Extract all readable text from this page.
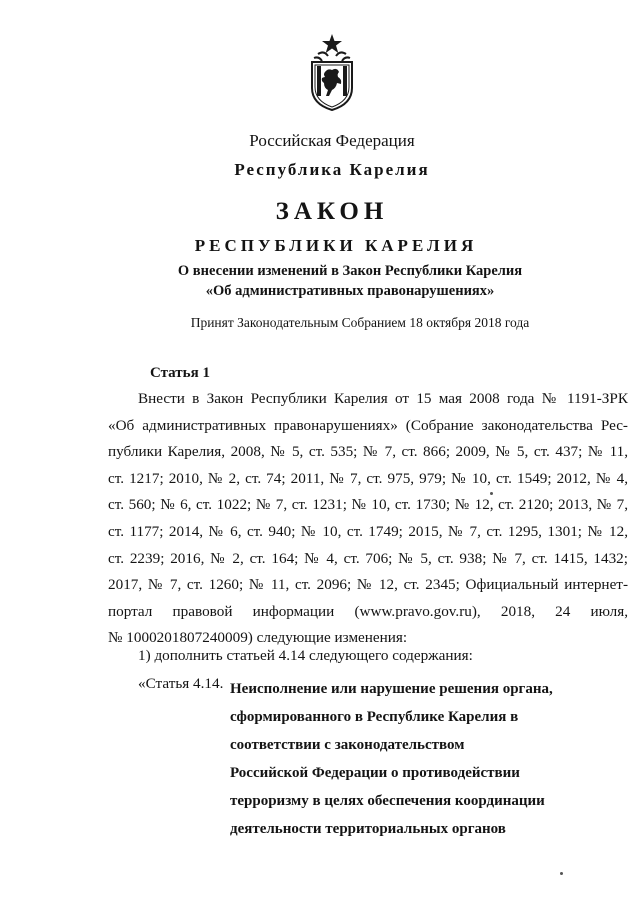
Российская Федерация
Республика Карелия
ЗАКОН
РЕСПУБЛИКИ КАРЕЛИЯ
О внесении изменений в Закон Республики Карелия
«Об административных правонарушениях»
Принят Законодательным Собранием 18 октября 2018 года
Статья 1
Внести в Закон Республики Карелия от 15 мая 2008 года № 1191-ЗРК
«Об административных правонарушениях» (Собрание законодательства Рес-
публики Карелия, 2008, № 5, ст. 535; № 7, ст. 866; 2009, № 5, ст. 437; № 11,
ст. 1217; 2010, № 2, ст. 74; 2011, № 7, ст. 975, 979; № 10, ст. 1549; 2012, № 4,
ст. 560; № 6, ст. 1022; № 7, ст. 1231; № 10, ст. 1730; № 12, ст. 2120; 2013, № 7,
ст. 1177; 2014, № 6, ст. 940; № 10, ст. 1749; 2015, № 7, ст. 1295, 1301; № 12,
ст. 2239; 2016, № 2, ст. 164; № 4, ст. 706; № 5, ст. 938; № 7, ст. 1415, 1432;
2017, № 7, ст. 1260; № 11, ст. 2096; № 12, ст. 2345; Официальный интернет-
портал правовой информации (www.pravo.gov.ru), 2018, 24 июля,
№ 1000201807240009) следующие изменения:
1) дополнить статьей 4.14 следующего содержания:
«Статья 4.14. Неисполнение или нарушение решения органа,
сформированного в Республике Карелия в
соответствии с законодательством
Российской Федерации о противодействии
терроризму в целях обеспечения координации
деятельности территориальных органов
